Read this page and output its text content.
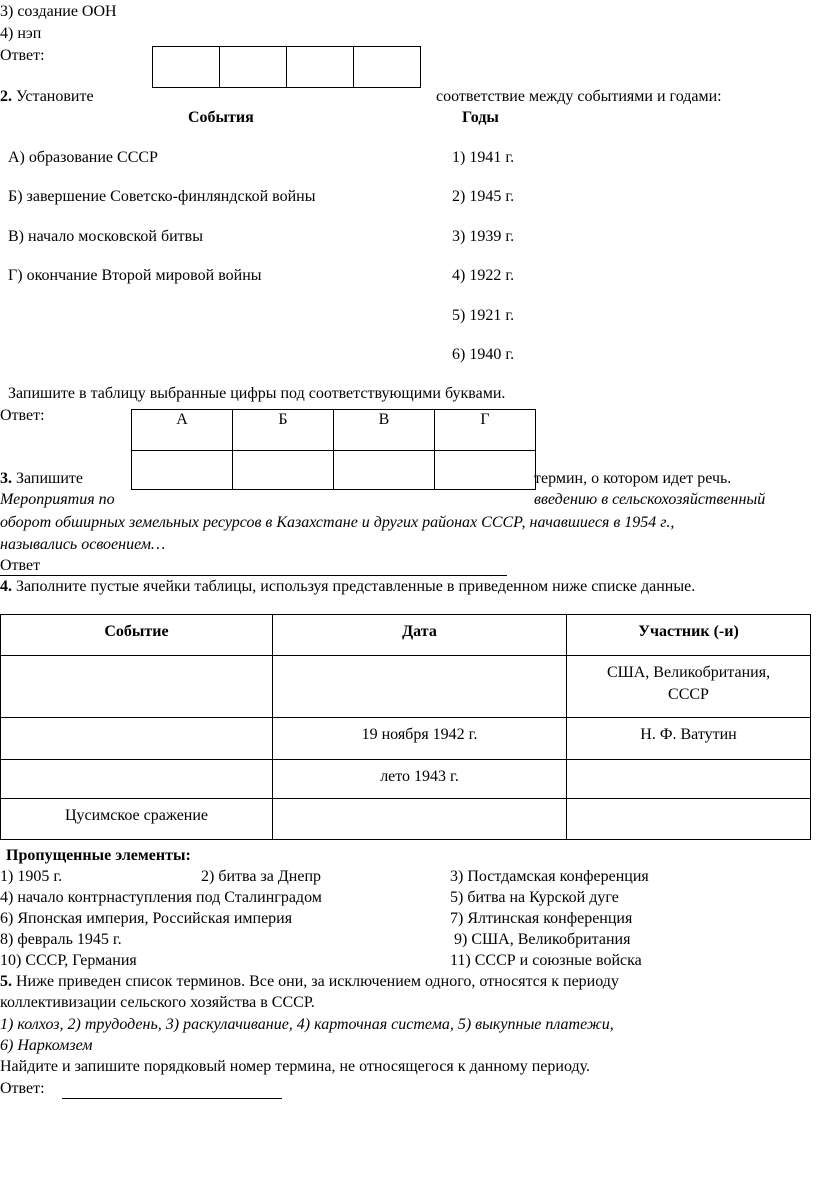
3) создание ООН
4) нэп
Ответ:

2. Установите	соответствие между событиями и годами:
События	Годы
А) образование СССР
Б) завершение Советско-финляндской войны
В) начало московской битвы
Г) окончание Второй мировой войны
1) 1941 г.
2) 1945 г.
3) 1939 г.
4) 1922 г.
5) 1921 г.
6) 1940 г.
Запишите в таблицу выбранные цифры под соответствующими буквами.
Ответ:	А	Б	В	Г

3. Запишите	термин, о котором идет речь.
Мероприятия по	введению в сельскохозяйственный
оборот обширных земельных ресурсов в Казахстане и других районах СССР, начавшиеся в 1954 г.,
назывались освоением…
Ответ
4. Заполните пустые ячейки таблицы, используя представленные в приведенном ниже списке данные.
Событие	Дата	Участник (-и)
		США, Великобритания, СССР
	19 ноября 1942 г.	Н. Ф. Ватутин
	лето 1943 г.	
Цусимское сражение		
Пропущенные элементы:
1) 1905 г.	2) битва за Днепр	3) Постдамская конференция
4) начало контрнаступления под Сталинградом	5) битва на Курской дуге
6) Японская империя, Российская империя	7) Ялтинская конференция
8) февраль 1945 г.	9) США, Великобритания
10) СССР, Германия	11) СССР и союзные войска
5. Ниже приведен список терминов. Все они, за исключением одного, относятся к периоду
коллективизации сельского хозяйства в СССР.
1) колхоз, 2) трудодень, 3) раскулачивание, 4) карточная система, 5) выкупные платежи,
6) Наркомзем
Найдите и запишите порядковый номер термина, не относящегося к данному периоду.
Ответ:
